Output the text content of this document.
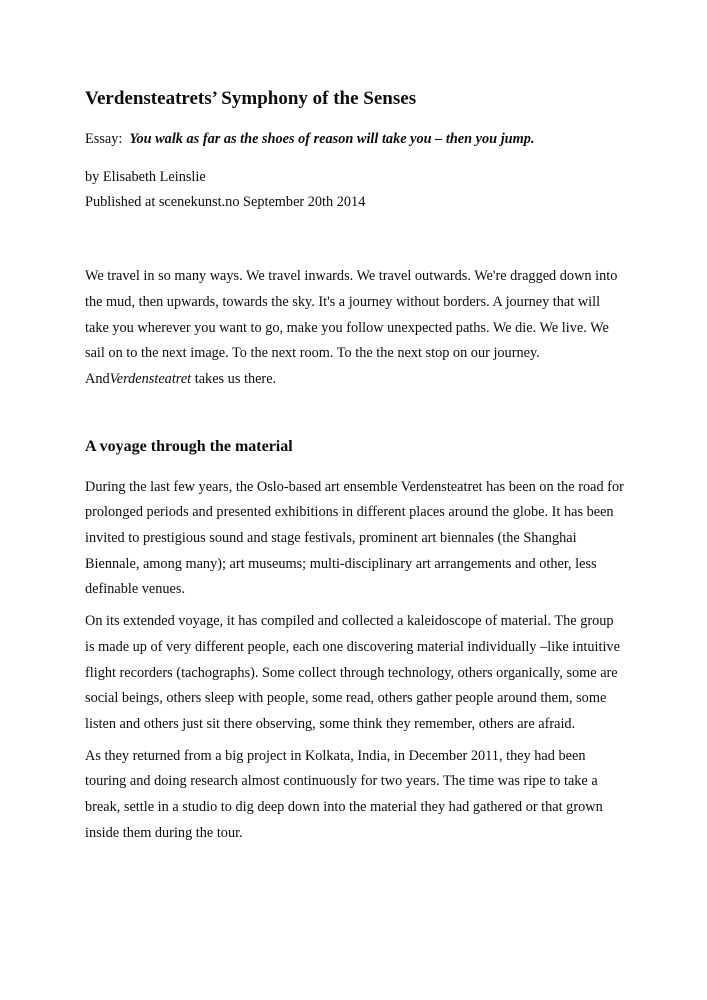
Verdensteatrets’ Symphony of the Senses

Essay: You walk as far as the shoes of reason will take you – then you jump.

by Elisabeth Leinslie
Published at scenekunst.no September 20th 2014

We travel in so many ways. We travel inwards. We travel outwards. We're dragged down into the mud, then upwards, towards the sky. It's a journey without borders. A journey that will take you wherever you want to go, make you follow unexpected paths. We die. We live. We sail on to the next image. To the next room. To the the next stop on our journey. AndVerdensteatret takes us there.

A voyage through the material

During the last few years, the Oslo-based art ensemble Verdensteatret has been on the road for prolonged periods and presented exhibitions in different places around the globe. It has been invited to prestigious sound and stage festivals, prominent art biennales (the Shanghai Biennale, among many); art museums; multi-disciplinary art arrangements and other, less definable venues.

On its extended voyage, it has compiled and collected a kaleidoscope of material. The group is made up of very different people, each one discovering material individually –like intuitive flight recorders (tachographs). Some collect through technology, others organically, some are social beings, others sleep with people, some read, others gather people around them, some listen and others just sit there observing, some think they remember, others are afraid.

As they returned from a big project in Kolkata, India, in December 2011, they had been touring and doing research almost continuously for two years. The time was ripe to take a break, settle in a studio to dig deep down into the material they had gathered or that grown inside them during the tour.
